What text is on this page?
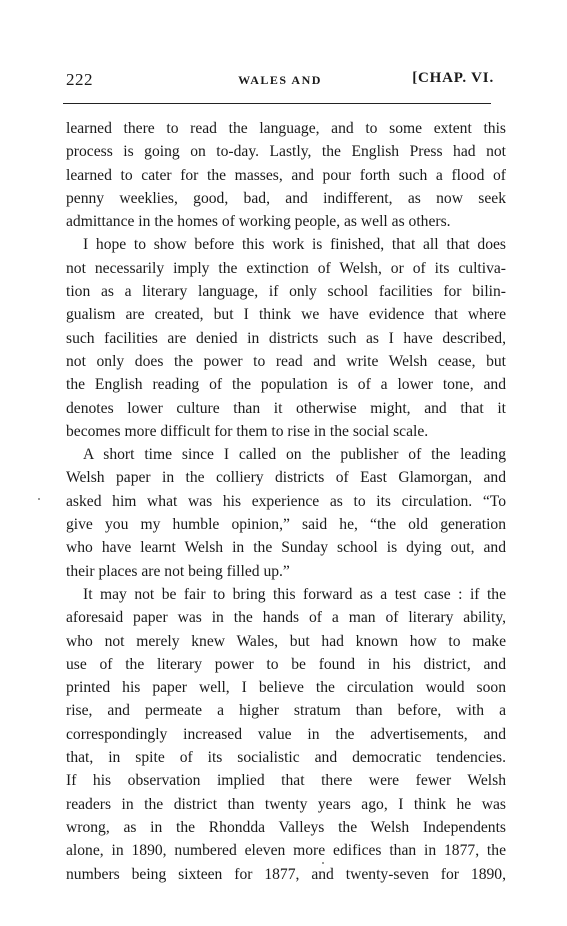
222	WALES AND	[CHAP. VI.
learned there to read the language, and to some extent this
process is going on to-day. Lastly, the English Press had not
learned to cater for the masses, and pour forth such a flood of
penny weeklies, good, bad, and indifferent, as now seek
admittance in the homes of working people, as well as others.
I hope to show before this work is finished, that all that does
not necessarily imply the extinction of Welsh, or of its cultiva-
tion as a literary language, if only school facilities for bilin-
gualism are created, but I think we have evidence that where
such facilities are denied in districts such as I have described,
not only does the power to read and write Welsh cease, but
the English reading of the population is of a lower tone, and
denotes lower culture than it otherwise might, and that it
becomes more difficult for them to rise in the social scale.
A short time since I called on the publisher of the leading
Welsh paper in the colliery districts of East Glamorgan, and
asked him what was his experience as to its circulation. “To
give you my humble opinion,” said he, “the old generation
who have learnt Welsh in the Sunday school is dying out, and
their places are not being filled up.”
It may not be fair to bring this forward as a test case : if the
aforesaid paper was in the hands of a man of literary ability,
who not merely knew Wales, but had known how to make
use of the literary power to be found in his district, and
printed his paper well, I believe the circulation would soon
rise, and permeate a higher stratum than before, with a
correspondingly increased value in the advertisements, and
that, in spite of its socialistic and democratic tendencies.
If his observation implied that there were fewer Welsh
readers in the district than twenty years ago, I think he was
wrong, as in the Rhondda Valleys the Welsh Independents
alone, in 1890, numbered eleven more edifices than in 1877, the
numbers being sixteen for 1877, and twenty-seven for 1890,
